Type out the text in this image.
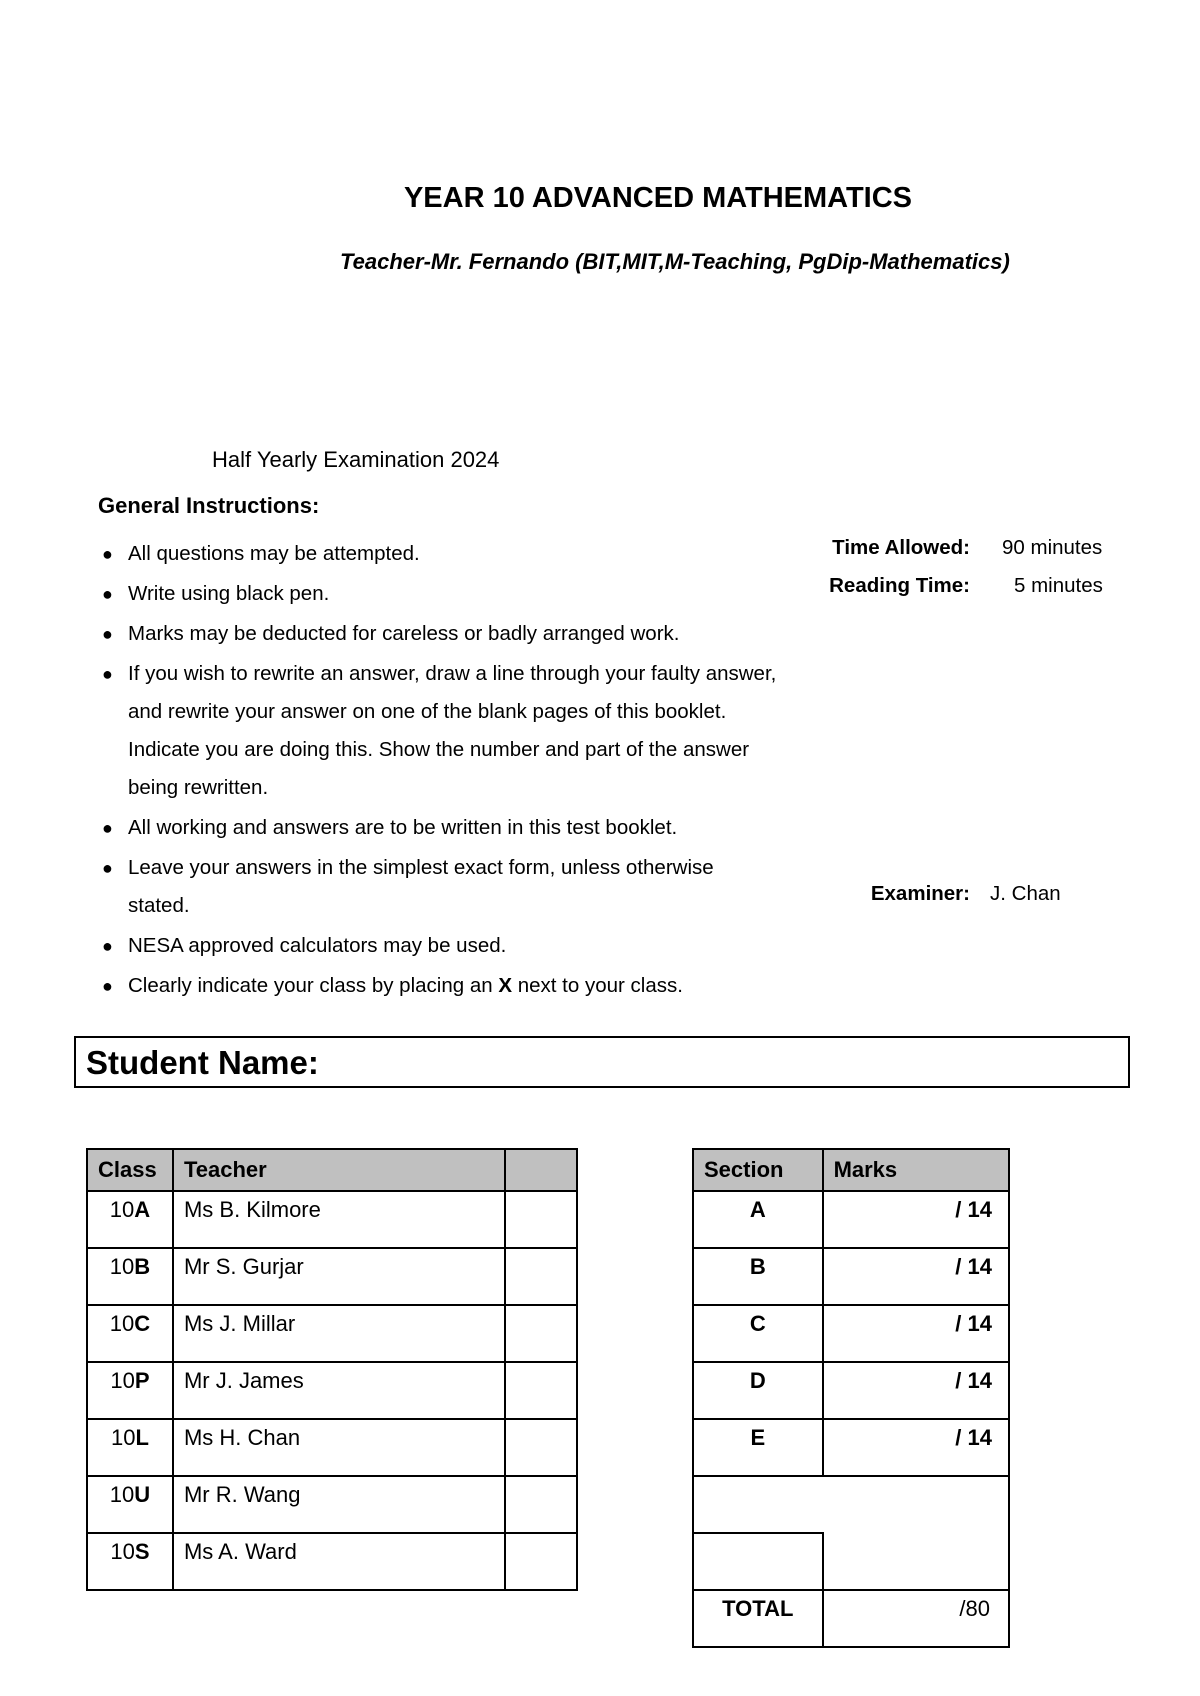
YEAR 10 ADVANCED MATHEMATICS
Teacher-Mr. Fernando (BIT,MIT,M-Teaching, PgDip-Mathematics)
Half Yearly Examination 2024
General Instructions:
● All questions may be attempted.
● Write using black pen.
● Marks may be deducted for careless or badly arranged work.
● If you wish to rewrite an answer, draw a line through your faulty answer, and rewrite your answer on one of the blank pages of this booklet. Indicate you are doing this. Show the number and part of the answer being rewritten.
● All working and answers are to be written in this test booklet.
● Leave your answers in the simplest exact form, unless otherwise stated.
● NESA approved calculators may be used.
● Clearly indicate your class by placing an X next to your class.
Time Allowed: 90 minutes
Reading Time: 5 minutes
Examiner: J. Chan
Student Name:
Class	Teacher	

10A	Ms B. Kilmore	

10B	Mr S. Gurjar	

10C	Ms J. Millar	

10P	Mr J. James	

10L	Ms H. Chan	

10U	Mr R. Wang	

10S	Ms A. Ward	

Section	Marks

A	/ 14

B	/ 14

C	/ 14

D	/ 14

E	/ 14

TOTAL	/80
